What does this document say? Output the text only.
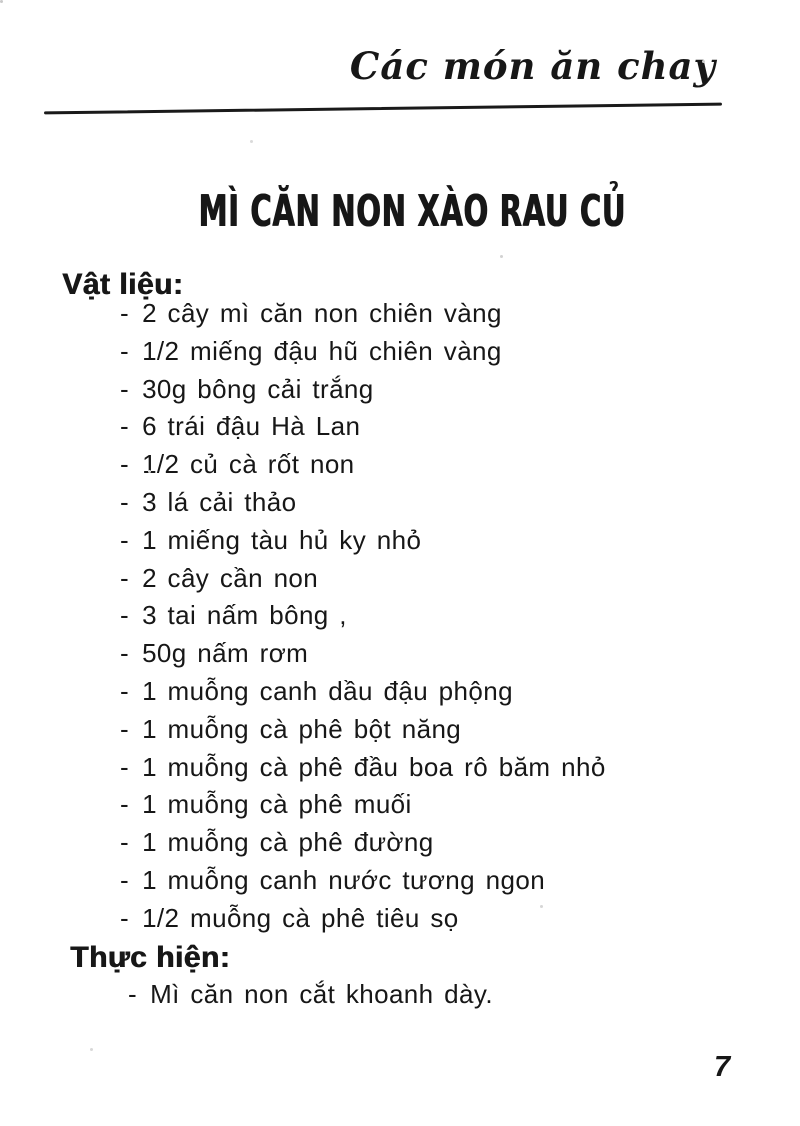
Các món ăn chay
MÌ CĂN NON XÀO RAU CỦ
Vật liệu:
- 2 cây mì căn non chiên vàng
- 1/2 miếng đậu hũ chiên vàng
- 30g bông cải trắng
- 6 trái đậu Hà Lan
- 1/2 củ cà rốt non
- 3 lá cải thảo
- 1 miếng tàu hủ ky nhỏ
- 2 cây cần non
- 3 tai nấm bông ,
- 50g nấm rơm
- 1 muỗng canh dầu đậu phộng
- 1 muỗng cà phê bột năng
- 1 muỗng cà phê đầu boa rô băm nhỏ
- 1 muỗng cà phê muối
- 1 muỗng cà phê đường
- 1 muỗng canh nước tương ngon
- 1/2 muỗng cà phê tiêu sọ
Thực hiện:
- Mì căn non cắt khoanh dày.
7
